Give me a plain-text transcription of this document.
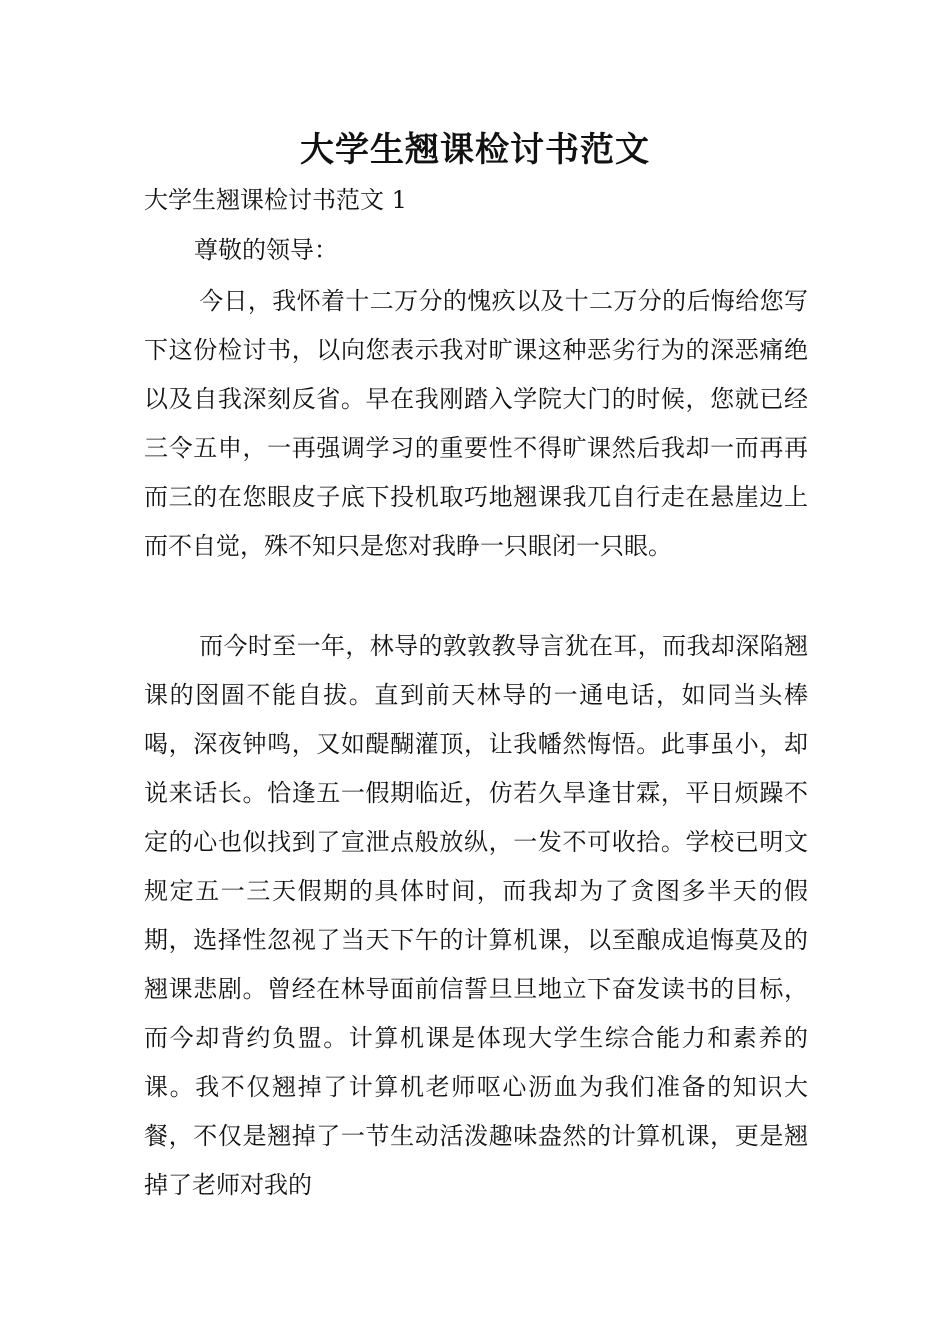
大学生翘课检讨书范文
大学生翘课检讨书范文 1
尊敬的领导：

今日，我怀着十二万分的愧疚以及十二万分的后悔给您写下这份检讨书，以向您表示我对旷课这种恶劣行为的深恶痛绝以及自我深刻反省。早在我刚踏入学院大门的时候，您就已经三令五申，一再强调学习的重要性不得旷课然后我却一而再再而三的在您眼皮子底下投机取巧地翘课我兀自行走在悬崖边上而不自觉，殊不知只是您对我睁一只眼闭一只眼。

而今时至一年，林导的敦敦教导言犹在耳，而我却深陷翘课的囹圄不能自拔。直到前天林导的一通电话，如同当头棒喝，深夜钟鸣，又如醍醐灌顶，让我幡然悔悟。此事虽小，却说来话长。恰逢五一假期临近，仿若久旱逢甘霖，平日烦躁不定的心也似找到了宣泄点般放纵，一发不可收拾。学校已明文规定五一三天假期的具体时间，而我却为了贪图多半天的假期，选择性忽视了当天下午的计算机课，以至酿成追悔莫及的翘课悲剧。曾经在林导面前信誓旦旦地立下奋发读书的目标，而今却背约负盟。计算机课是体现大学生综合能力和素养的课。我不仅翘掉了计算机老师呕心沥血为我们准备的知识大餐，不仅是翘掉了一节生动活泼趣味盎然的计算机课，更是翘掉了老师对我的
